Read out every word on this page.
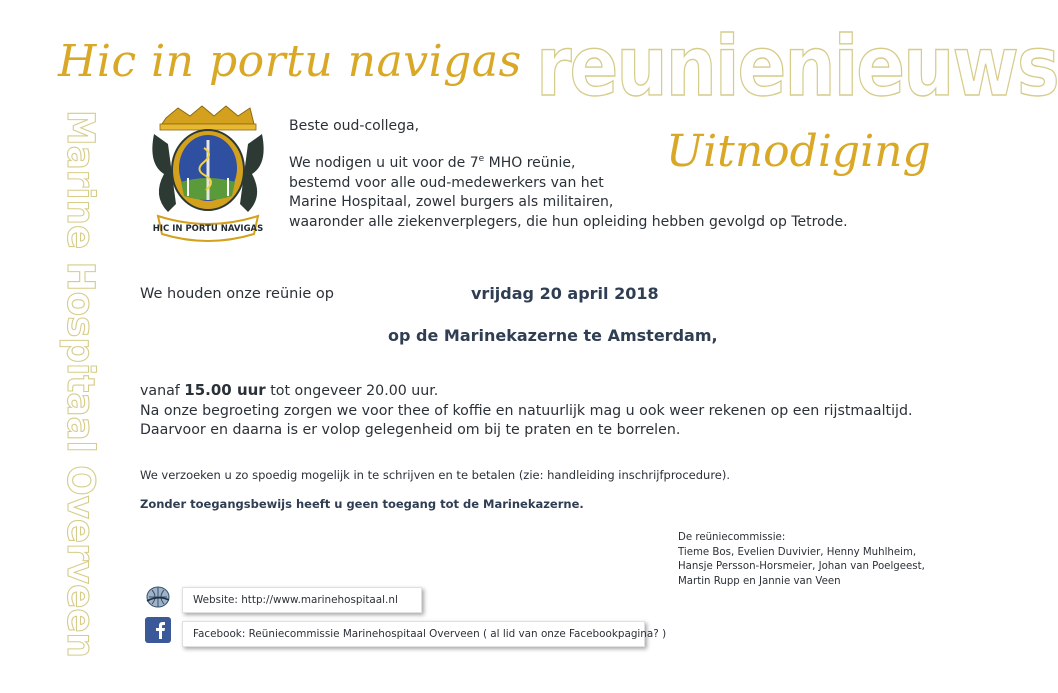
Hic in portu navigas reunienieuws
Uitnodiging
Marine Hospitaal Overveen	HIC IN PORTU NAVIGAS
Beste oud-collega,
We nodigen u uit voor de 7e MHO reünie,
bestemd voor alle oud-medewerkers van het
Marine Hospitaal, zowel burgers als militairen,
waaronder alle ziekenverplegers, die hun opleiding hebben gevolgd op Tetrode.
We houden onze reünie op	vrijdag 20 april 2018
op de Marinekazerne te Amsterdam,
vanaf 15.00 uur tot ongeveer 20.00 uur.
Na onze begroeting zorgen we voor thee of koffie en natuurlijk mag u ook weer rekenen op een rijstmaaltijd.
Daarvoor en daarna is er volop gelegenheid om bij te praten en te borrelen.
We verzoeken u zo spoedig mogelijk in te schrijven en te betalen (zie: handleiding inschrijfprocedure).
Zonder toegangsbewijs heeft u geen toegang tot de Marinekazerne.
De reüniecommissie:
Tieme Bos, Evelien Duvivier, Henny Muhlheim,
Hansje Persson-Horsmeier, Johan van Poelgeest,
Martin Rupp en Jannie van Veen
Website: http://www.marinehospitaal.nl
Facebook: Reüniecommissie Marinehospitaal Overveen ( al lid van onze Facebookpagina? )
